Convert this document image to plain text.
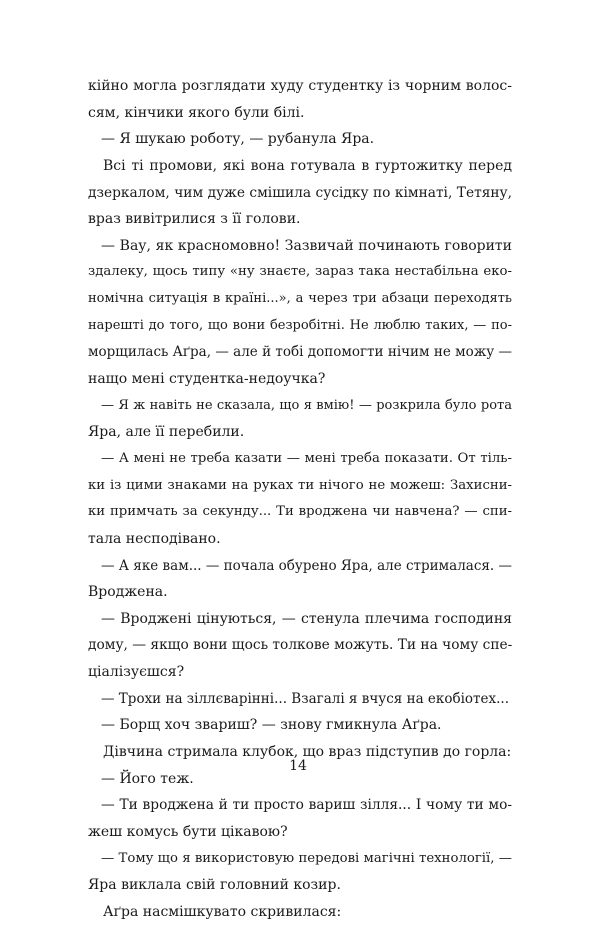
кійно могла розглядати худу студентку із чорним волос-
сям, кінчики якого були білі.
— Я шукаю роботу, — рубанула Яра.
Всі ті промови, які вона готувала в гуртожитку перед
дзеркалом, чим дуже смішила сусідку по кімнаті, Тетяну,
враз вивітрилися з її голови.
— Вау, як красномовно! Зазвичай починають говорити
здалеку, щось типу «ну знаєте, зараз така нестабільна еко-
номічна ситуація в країні...», а через три абзаци переходять
нарешті до того, що вони безробітні. Не люблю таких, — по-
морщилась Аґра, — але й тобі допомогти нічим не можу —
нащо мені студентка-недоучка?
— Я ж навіть не сказала, що я вмію! — розкрила було рота
Яра, але її перебили.
— А мені не треба казати — мені треба показати. От тіль-
ки із цими знаками на руках ти нічого не можеш: Захисни-
ки примчать за секунду... Ти вроджена чи навчена? — спи-
тала несподівано.
— А яке вам... — почала обурено Яра, але стрималася. —
Вроджена.
— Вроджені цінуються, — стенула плечима господиня
дому, — якщо вони щось толкове можуть. Ти на чому спе-
ціалізуєшся?
— Трохи на зіллєварінні... Взагалі я вчуся на екобіотех...
— Борщ хоч звариш? — знову гмикнула Аґра.
Дівчина стримала клубок, що враз підступив до горла:
— Його теж.
— Ти вроджена й ти просто вариш зілля... І чому ти мо-
жеш комусь бути цікавою?
— Тому що я використовую передові магічні технології, —
Яра виклала свій головний козир.
Аґра насмішкувато скривилася:
14
